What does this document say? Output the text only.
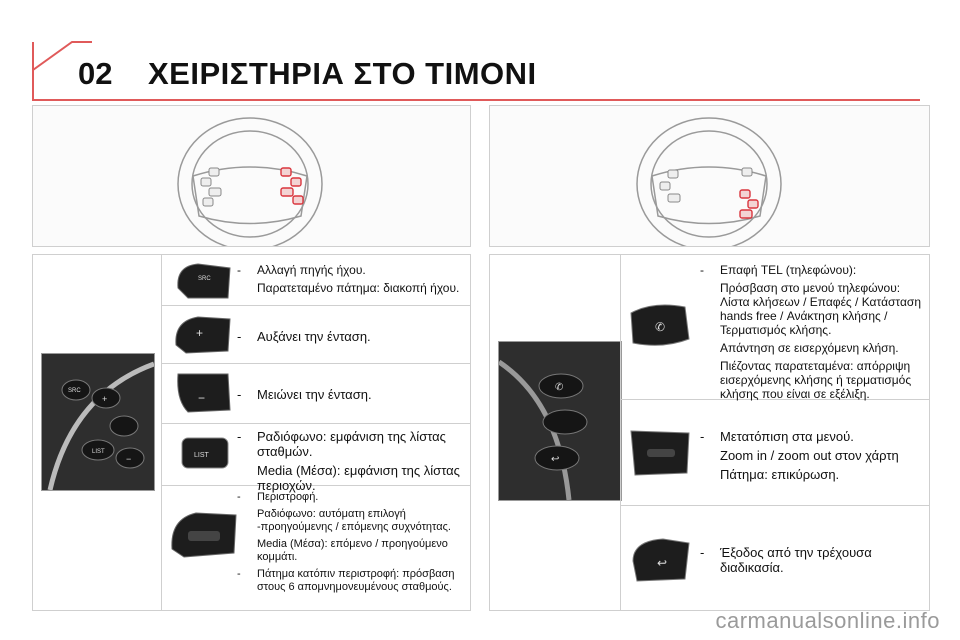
02 ΧΕΙΡΙΣΤΗΡΙΑ ΣΤΟ ΤΙΜΟΝΙ
SRC
LIST
+
−
SRC
+
−
LIST
- Αλλαγή πηγής ήχου.
Παρατεταμένο πάτημα: διακοπή ήχου.
- Αυξάνει την ένταση.
- Μειώνει την ένταση.
- Ραδιόφωνο: εμφάνιση της λίστας σταθμών.
Media (Μέσα): εμφάνιση της λίστας περιοχών.
- Περιστροφή.
Ραδιόφωνο: αυτόματη επιλογή -προηγούμενης / επόμενης συχνότητας.
Media (Μέσα): επόμενο / προηγούμενο κομμάτι.
- Πάτημα κατόπιν περιστροφή: πρόσβαση στους 6 απομνημονευμένους σταθμούς.
✆
↩
✆
↩
- Επαφή TEL (τηλεφώνου):
Πρόσβαση στο μενού τηλεφώνου: Λίστα κλήσεων / Επαφές / Κατάσταση hands free / Ανάκτηση κλήσης / Τερματισμός κλήσης.
Απάντηση σε εισερχόμενη κλήση.
Πιέζοντας παρατεταμένα: απόρριψη εισερχόμενης κλήσης ή τερματισμός κλήσης που είναι σε εξέλιξη.
- Μετατόπιση στα μενού.
Zoom in / zoom out στον χάρτη
Πάτημα: επικύρωση.
- Έξοδος από την τρέχουσα διαδικασία.
carmanualsonline.info
